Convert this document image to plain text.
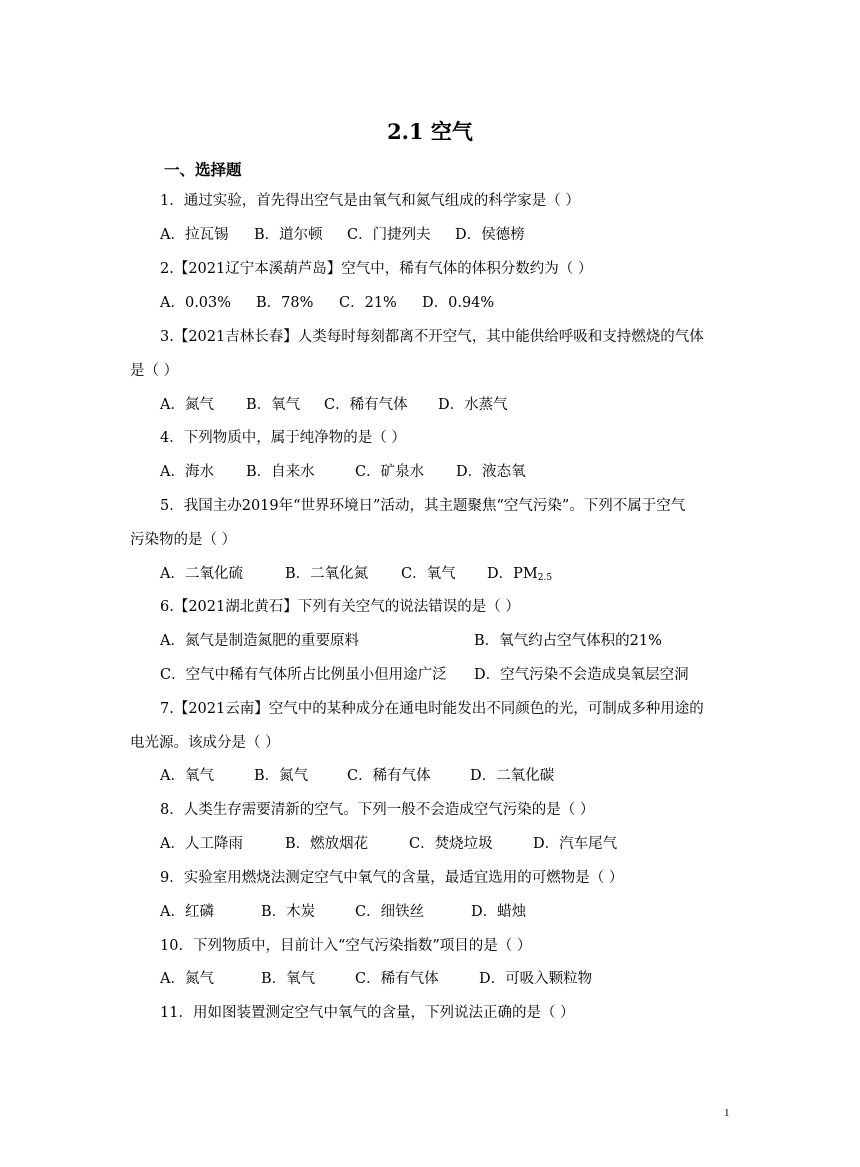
2.1 空气
一、选择题
1．通过实验，首先得出空气是由氧气和氮气组成的科学家是（ ）
A．拉瓦锡 B．道尔顿 C．门捷列夫 D．侯德榜
2.【2021辽宁本溪葫芦岛】空气中，稀有气体的体积分数约为（ ）
A．0.03% B．78% C．21% D．0.94%
3.【2021吉林长春】人类每时每刻都离不开空气，其中能供给呼吸和支持燃烧的气体
是（ ）
A．氮气 B．氧气 C．稀有气体 D．水蒸气
4．下列物质中，属于纯净物的是（ ）
A．海水 B．自来水	C．矿泉水 D．液态氧
5．我国主办2019年“世界环境日”活动，其主题聚焦“空气污染”。下列不属于空气
污染物的是（ ）
A．二氧化硫	B．二氧化氮 C．氧气 D．$PM_{2.5}$
6.【2021湖北黄石】下列有关空气的说法错误的是（ ）
A．氮气是制造氮肥的重要原料	B．氧气约占空气体积的21%
C．空气中稀有气体所占比例虽小但用途广泛 D．空气污染不会造成臭氧层空洞
7.【2021云南】空气中的某种成分在通电时能发出不同颜色的光，可制成多种用途的
电光源。该成分是（ ）
A．氧气	B．氮气	C．稀有气体	D．二氧化碳
8．人类生存需要清新的空气。下列一般不会造成空气污染的是（ ）
A．人工降雨	B．燃放烟花	C．焚烧垃圾	D．汽车尾气
9．实验室用燃烧法测定空气中氧气的含量，最适宜选用的可燃物是（ ）
A．红磷	B．木炭	C．细铁丝	D．蜡烛
10．下列物质中，目前计入“空气污染指数”项目的是（ ）
A．氮气	B．氧气	C．稀有气体	D．可吸入颗粒物
11．用如图装置测定空气中氧气的含量，下列说法正确的是（ ）
1
